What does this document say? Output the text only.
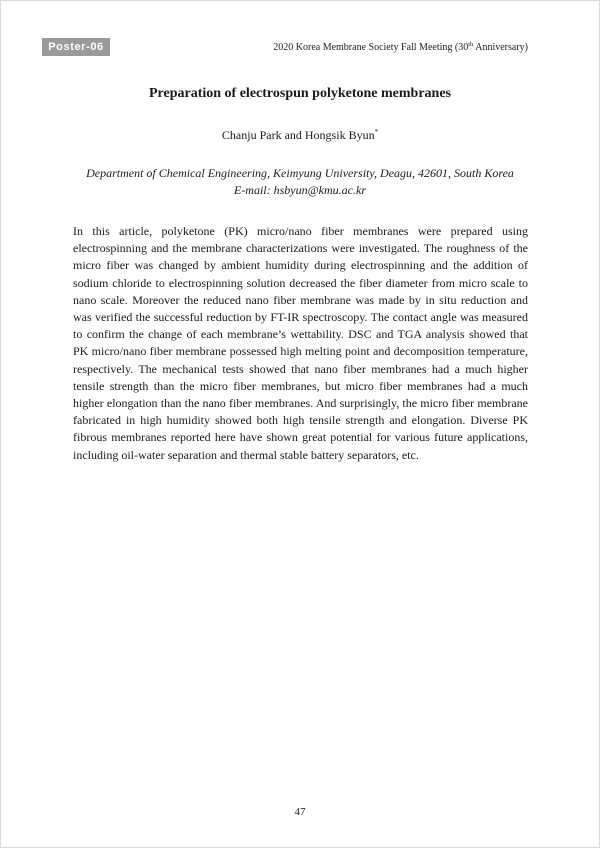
Poster-06	2020 Korea Membrane Society Fall Meeting (30th Anniversary)
Preparation of electrospun polyketone membranes
Chanju Park and Hongsik Byun*
Department of Chemical Engineering, Keimyung University, Deagu, 42601, South Korea
E-mail: hsbyun@kmu.ac.kr

In this article, polyketone (PK) micro/nano fiber membranes were prepared using electrospinning and the membrane characterizations were investigated. The roughness of the micro fiber was changed by ambient humidity during electrospinning and the addition of sodium chloride to electrospinning solution decreased the fiber diameter from micro scale to nano scale. Moreover the reduced nano fiber membrane was made by in situ reduction and was verified the successful reduction by FT-IR spectroscopy. The contact angle was measured to confirm the change of each membrane’s wettability. DSC and TGA analysis showed that PK micro/nano fiber membrane possessed high melting point and decomposition temperature, respectively. The mechanical tests showed that nano fiber membranes had a much higher tensile strength than the micro fiber membranes, but micro fiber membranes had a much higher elongation than the nano fiber membranes. And surprisingly, the micro fiber membrane fabricated in high humidity showed both high tensile strength and elongation. Diverse PK fibrous membranes reported here have shown great potential for various future applications, including oil-water separation and thermal stable battery separators, etc.

47
